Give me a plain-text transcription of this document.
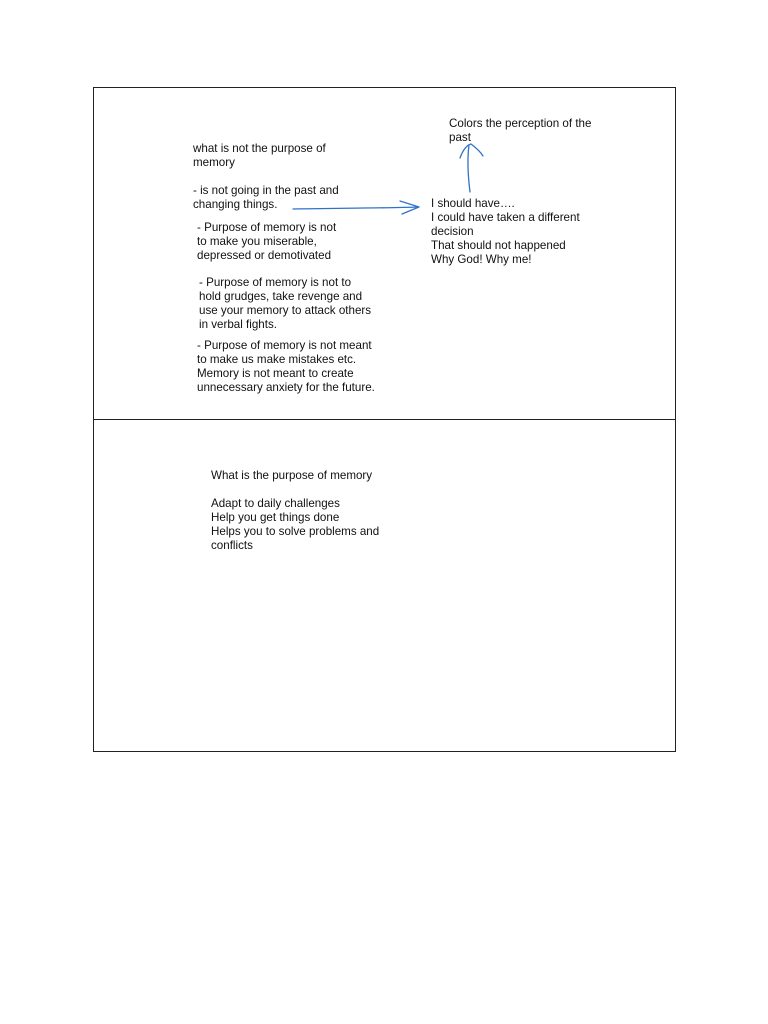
what is not the purpose of
memory

- is not going in the past and
changing things.

- Purpose of memory is not
to make you miserable,
depressed or demotivated

- Purpose of memory is not to
hold grudges, take revenge and
use your memory to attack others
in verbal fights.

- Purpose of memory is not meant
to make us make mistakes etc.
Memory is not meant to create
unnecessary anxiety for the future.

Colors the perception of the
past

I should have….
I could have taken a different
decision
That should not happened
Why God! Why me!

What is the purpose of memory

Adapt to daily challenges
Help you get things done
Helps you to solve problems and
conflicts
